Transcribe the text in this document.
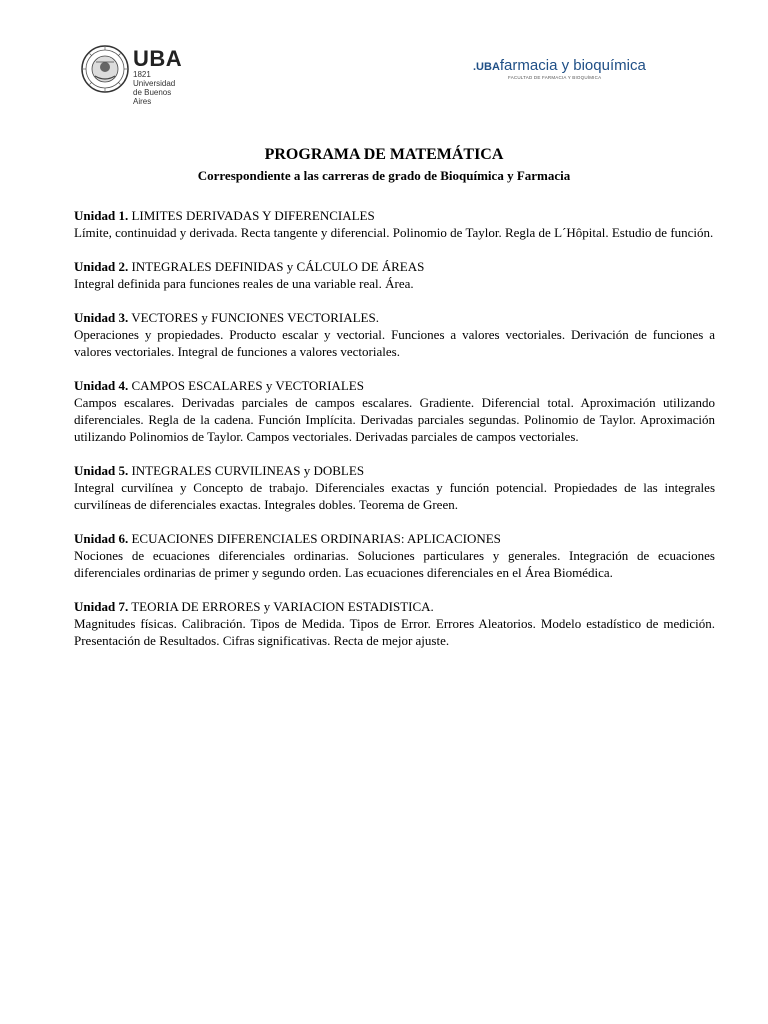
UBA
1821 Universidad
de Buenos Aires
.UBAfarmacia y bioquímica
FACULTAD DE FARMACIA Y BIOQUÍMICA
PROGRAMA DE MATEMÁTICA
Correspondiente a las carreras de grado de Bioquímica y Farmacia
Unidad 1. LIMITES DERIVADAS Y DIFERENCIALES
Límite, continuidad y derivada. Recta tangente y diferencial. Polinomio de Taylor. Regla de L´Hôpital. Estudio de función.
Unidad 2. INTEGRALES DEFINIDAS y CÁLCULO DE ÁREAS
Integral definida para funciones reales de una variable real. Área.
Unidad 3. VECTORES y FUNCIONES VECTORIALES.
Operaciones y propiedades. Producto escalar y vectorial. Funciones a valores vectoriales. Derivación de funciones a valores vectoriales. Integral de funciones a valores vectoriales.
Unidad 4. CAMPOS ESCALARES y VECTORIALES
Campos escalares. Derivadas parciales de campos escalares. Gradiente. Diferencial total. Aproximación utilizando diferenciales. Regla de la cadena. Función Implícita. Derivadas parciales segundas. Polinomio de Taylor. Aproximación utilizando Polinomios de Taylor. Campos vectoriales. Derivadas parciales de campos vectoriales.
Unidad 5. INTEGRALES CURVILINEAS y DOBLES
Integral curvilínea y Concepto de trabajo. Diferenciales exactas y función potencial. Propiedades de las integrales curvilíneas de diferenciales exactas. Integrales dobles. Teorema de Green.
Unidad 6. ECUACIONES DIFERENCIALES ORDINARIAS: APLICACIONES
Nociones de ecuaciones diferenciales ordinarias. Soluciones particulares y generales. Integración de ecuaciones diferenciales ordinarias de primer y segundo orden. Las ecuaciones diferenciales en el Área Biomédica.
Unidad 7. TEORIA DE ERRORES y VARIACION ESTADISTICA.
Magnitudes físicas. Calibración. Tipos de Medida. Tipos de Error. Errores Aleatorios. Modelo estadístico de medición. Presentación de Resultados. Cifras significativas. Recta de mejor ajuste.
